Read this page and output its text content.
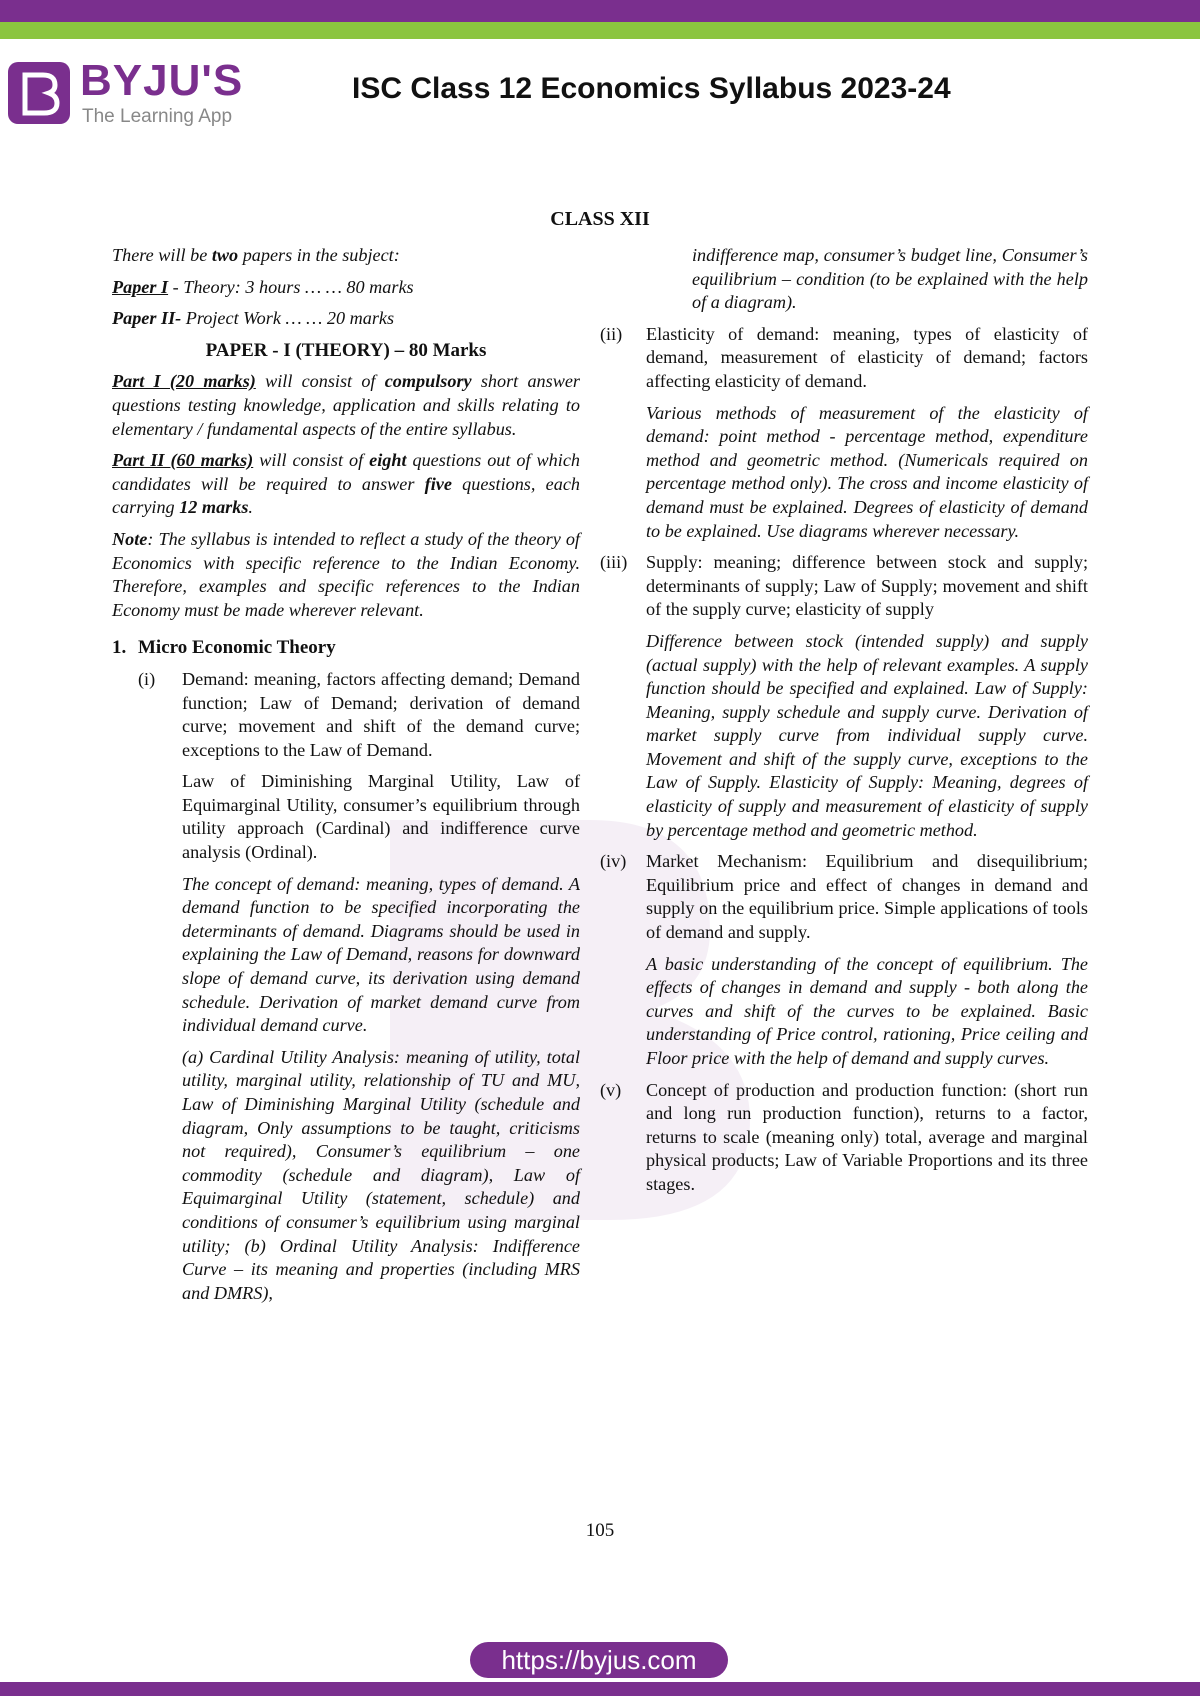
BYJU'S
The Learning App
ISC Class 12 Economics Syllabus 2023-24
CLASS XII

There will be two papers in the subject:

Paper I - Theory: 3 hours … … 80 marks

Paper II- Project Work … … 20 marks

PAPER - I (THEORY) – 80 Marks

Part I (20 marks) will consist of compulsory short answer questions testing knowledge, application and skills relating to elementary / fundamental aspects of the entire syllabus.

Part II (60 marks) will consist of eight questions out of which candidates will be required to answer five questions, each carrying 12 marks.

Note: The syllabus is intended to reflect a study of the theory of Economics with specific reference to the Indian Economy. Therefore, examples and specific references to the Indian Economy must be made wherever relevant.

1. Micro Economic Theory

(i) Demand: meaning, factors affecting demand; Demand function; Law of Demand; derivation of demand curve; movement and shift of the demand curve; exceptions to the Law of Demand.

Law of Diminishing Marginal Utility, Law of Equimarginal Utility, consumer’s equilibrium through utility approach (Cardinal) and indifference curve analysis (Ordinal).

The concept of demand: meaning, types of demand. A demand function to be specified incorporating the determinants of demand. Diagrams should be used in explaining the Law of Demand, reasons for downward slope of demand curve, its derivation using demand schedule. Derivation of market demand curve from individual demand curve.

(a) Cardinal Utility Analysis: meaning of utility, total utility, marginal utility, relationship of TU and MU, Law of Diminishing Marginal Utility (schedule and diagram, Only assumptions to be taught, criticisms not required), Consumer’s equilibrium – one commodity (schedule and diagram), Law of Equimarginal Utility (statement, schedule) and conditions of consumer’s equilibrium using marginal utility; (b) Ordinal Utility Analysis: Indifference Curve – its meaning and properties (including MRS and DMRS),

indifference map, consumer’s budget line, Consumer’s equilibrium – condition (to be explained with the help of a diagram).

(ii) Elasticity of demand: meaning, types of elasticity of demand, measurement of elasticity of demand; factors affecting elasticity of demand.

Various methods of measurement of the elasticity of demand: point method - percentage method, expenditure method and geometric method. (Numericals required on percentage method only). The cross and income elasticity of demand must be explained. Degrees of elasticity of demand to be explained. Use diagrams wherever necessary.

(iii) Supply: meaning; difference between stock and supply; determinants of supply; Law of Supply; movement and shift of the supply curve; elasticity of supply

Difference between stock (intended supply) and supply (actual supply) with the help of relevant examples. A supply function should be specified and explained. Law of Supply: Meaning, supply schedule and supply curve. Derivation of market supply curve from individual supply curve. Movement and shift of the supply curve, exceptions to the Law of Supply. Elasticity of Supply: Meaning, degrees of elasticity of supply and measurement of elasticity of supply by percentage method and geometric method.

(iv) Market Mechanism: Equilibrium and disequilibrium; Equilibrium price and effect of changes in demand and supply on the equilibrium price. Simple applications of tools of demand and supply.

A basic understanding of the concept of equilibrium. The effects of changes in demand and supply - both along the curves and shift of the curves to be explained. Basic understanding of Price control, rationing, Price ceiling and Floor price with the help of demand and supply curves.

(v) Concept of production and production function: (short run and long run production function), returns to a factor, returns to scale (meaning only) total, average and marginal physical products; Law of Variable Proportions and its three stages.

105
https://byjus.com
